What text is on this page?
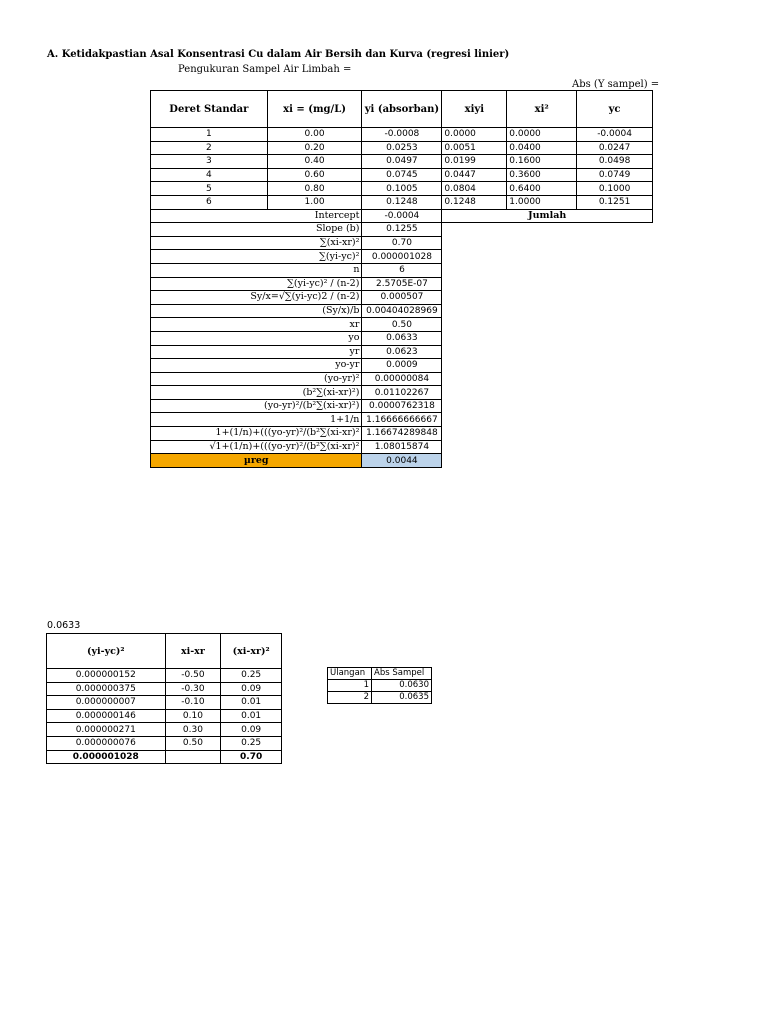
A. Ketidakpastian Asal Konsentrasi Cu dalam Air Bersih dan Kurva (regresi linier)
Pengukuran Sampel Air Limbah =
Abs (Y sampel) =
Deret Standar	xi = (mg/L)	yi (absorban)	xiyi	xi²	yc
1	0.00	-0.0008	0.0000	0.0000	-0.0004
2	0.20	0.0253	0.0051	0.0400	0.0247
3	0.40	0.0497	0.0199	0.1600	0.0498
4	0.60	0.0745	0.0447	0.3600	0.0749
5	0.80	0.1005	0.0804	0.6400	0.1000
6	1.00	0.1248	0.1248	1.0000	0.1251
Intercept		-0.0004	Jumlah		
Slope (b)		0.1255			
∑(xi-xr)²		0.70			
∑(yi-yc)²		0.000001028			
n		6			
∑(yi-yc)² / (n-2)		2.5705E-07			
Sy/x=√∑(yi-yc)2 / (n-2)		0.000507			
(Sy/x)/b		0.00404028969			
xr		0.50			
yo		0.0633			
yr		0.0623			
yo-yr		0.0009			
(yo-yr)²		0.00000084			
(b²∑(xi-xr)²)		0.01102267			
(yo-yr)²/(b²∑(xi-xr)²)		0.0000762318			
1+1/n		1.16666666667			
1+(1/n)+(((yo-yr)²/(b²∑(xi-xr)²		1.16674289848			
√1+(1/n)+(((yo-yr)²/(b²∑(xi-xr)²		1.08015874			
µreg		0.0044			
0.0633
(yi-yc)²	xi-xr	(xi-xr)²
0.000000152	-0.50	0.25
0.000000375	-0.30	0.09
0.000000007	-0.10	0.01
0.000000146	0.10	0.01
0.000000271	0.30	0.09
0.000000076	0.50	0.25
0.000001028		0.70
Ulangan	Abs Sampel
1	0.0630
2	0.0635
